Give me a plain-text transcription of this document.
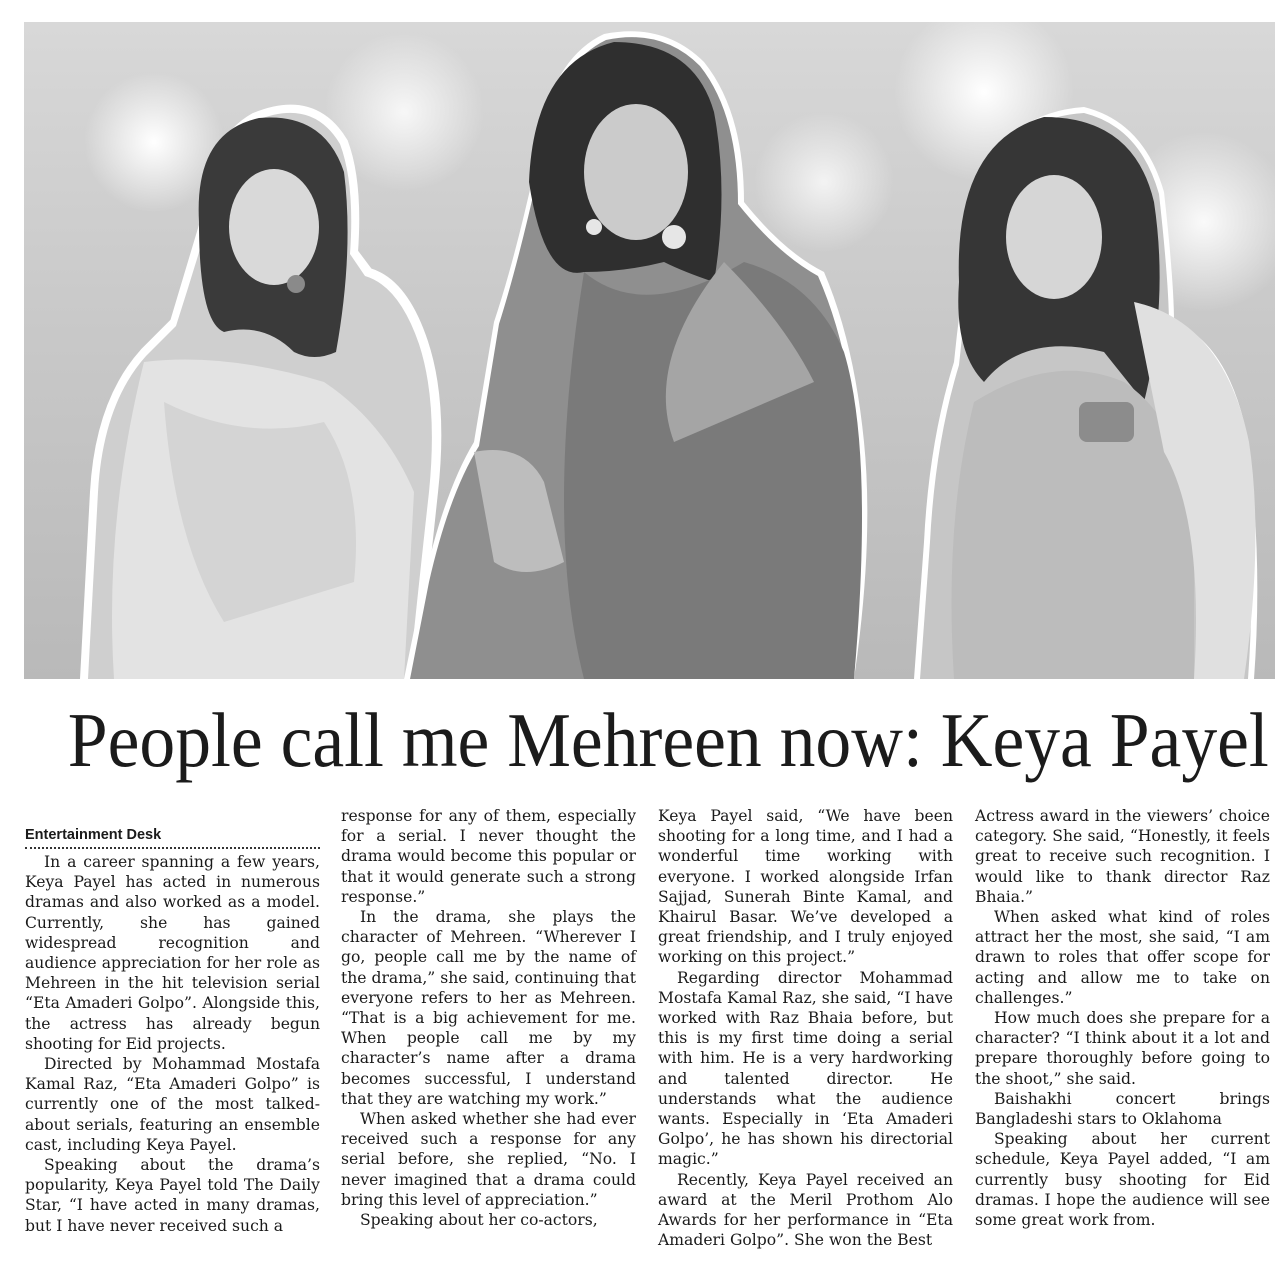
People call me Mehreen now: Keya Payel
Entertainment Desk

In a career spanning a few years, Keya Payel has acted in numerous dramas and also worked as a model. Currently, she has gained widespread recognition and audience appreciation for her role as Mehreen in the hit television serial “Eta Amaderi Golpo”. Alongside this, the actress has already begun shooting for Eid projects.

Directed by Mohammad Mostafa Kamal Raz, “Eta Amaderi Golpo” is currently one of the most talked-about serials, featuring an ensemble cast, including Keya Payel.

Speaking about the drama’s popularity, Keya Payel told The Daily Star, “I have acted in many dramas, but I have never received such a

response for any of them, especially for a serial. I never thought the drama would become this popular or that it would generate such a strong response.”

In the drama, she plays the character of Mehreen. “Wherever I go, people call me by the name of the drama,” she said, continuing that everyone refers to her as Mehreen. “That is a big achievement for me. When people call me by my character’s name after a drama becomes successful, I understand that they are watching my work.”

When asked whether she had ever received such a response for any serial before, she replied, “No. I never imagined that a drama could bring this level of appreciation.”

Speaking about her co-actors,

Keya Payel said, “We have been shooting for a long time, and I had a wonderful time working with everyone. I worked alongside Irfan Sajjad, Sunerah Binte Kamal, and Khairul Basar. We’ve developed a great friendship, and I truly enjoyed working on this project.”

Regarding director Mohammad Mostafa Kamal Raz, she said, “I have worked with Raz Bhaia before, but this is my first time doing a serial with him. He is a very hardworking and talented director. He understands what the audience wants. Especially in ‘Eta Amaderi Golpo’, he has shown his directorial magic.”

Recently, Keya Payel received an award at the Meril Prothom Alo Awards for her performance in “Eta Amaderi Golpo”. She won the Best

Actress award in the viewers’ choice category. She said, “Honestly, it feels great to receive such recognition. I would like to thank director Raz Bhaia.”

When asked what kind of roles attract her the most, she said, “I am drawn to roles that offer scope for acting and allow me to take on challenges.”

How much does she prepare for a character? “I think about it a lot and prepare thoroughly before going to the shoot,” she said.

Baishakhi concert brings Bangladeshi stars to Oklahoma

Speaking about her current schedule, Keya Payel added, “I am currently busy shooting for Eid dramas. I hope the audience will see some great work from.
